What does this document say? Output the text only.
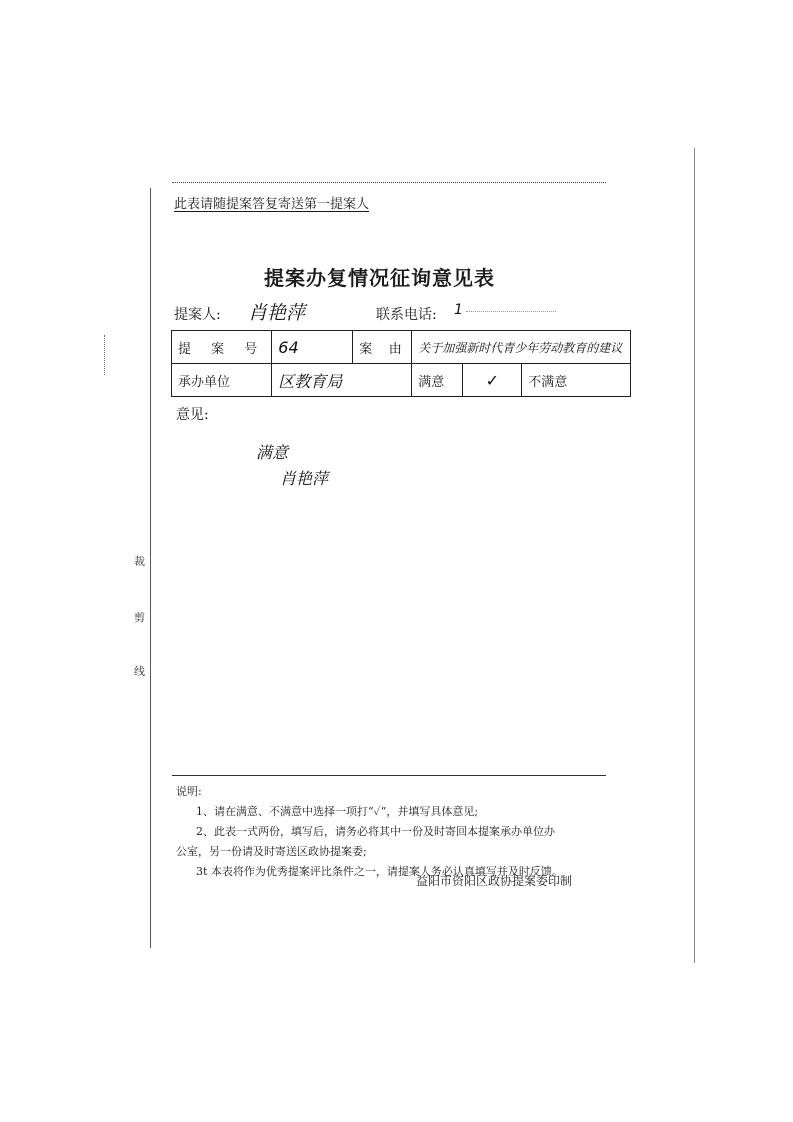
裁
剪
线
此表请随提案答复寄送第一提案人
提案办复情况征询意见表
提案人: 肖艳萍	联系电话: 1
提 案 号	64	案    由	关于加强新时代青少年劳动教育的建议		
承办单位	区教育局		满意	✓	不满意
意见:
满意
肖艳萍
说明:
1、请在满意、不满意中选择一项打“✓”，并填写具体意见;
2、此表一式两份，填写后，请务必将其中一份及时寄回本提案承办单位办
公室，另一份请及时寄送区政协提案委;
3t 本表将作为优秀提案评比条件之一，请提案人务必认真填写并及时反馈。
益阳市资阳区政协提案委印制
